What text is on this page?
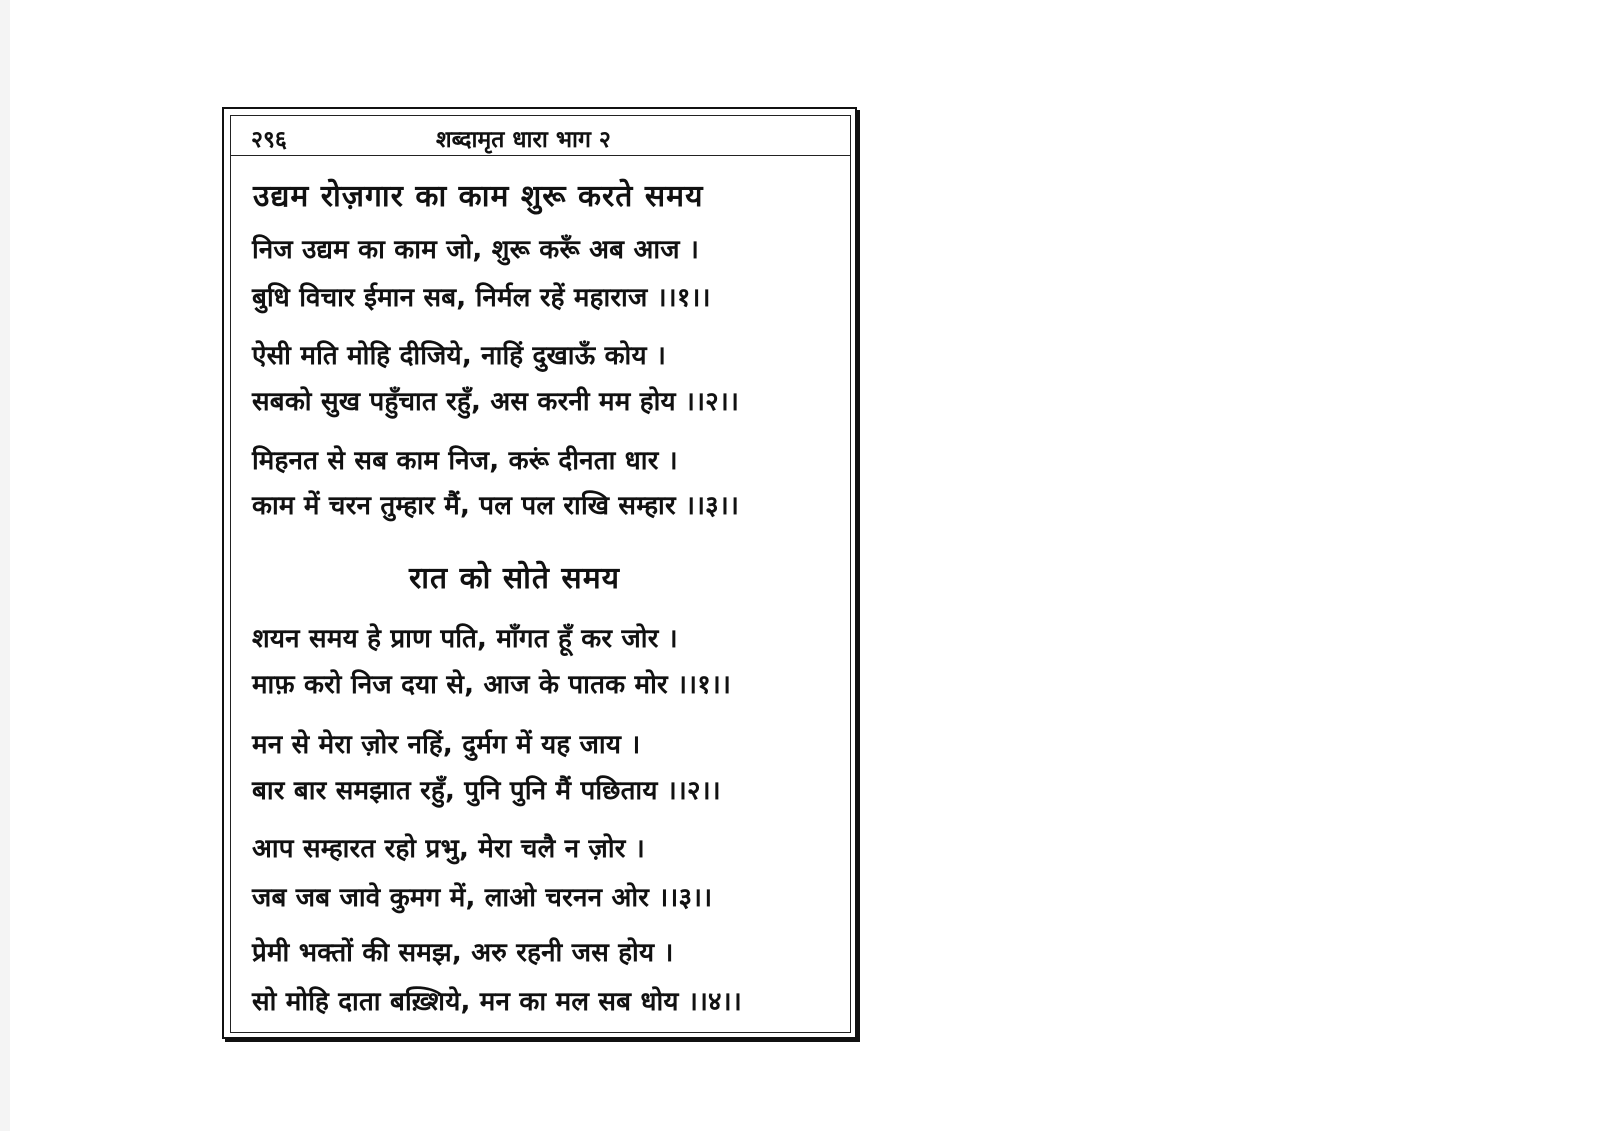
२९६	शब्दामृत धारा भाग २
उद्यम रोज़गार का काम शुरू करते समय
निज उद्यम का काम जो, शुरू करूँ अब आज ।
बुधि विचार ईमान सब, निर्मल रहें महाराज ।।१।।
ऐसी मति मोहि दीजिये, नाहिं दुखाऊँ कोय ।
सबको सुख पहुँचात रहुँ, अस करनी मम होय ।।२।।
मिहनत से सब काम निज, करूं दीनता धार ।
काम में चरन तुम्हार मैं, पल पल राखि सम्हार ।।३।।
रात को सोते समय
शयन समय हे प्राण पति, माँगत हूँ कर जोर ।
माफ़ करो निज दया से, आज के पातक मोर ।।१।।
मन से मेरा ज़ोर नहिं, दुर्मग में यह जाय ।
बार बार समझात रहुँ, पुनि पुनि मैं पछिताय ।।२।।
आप सम्हारत रहो प्रभु, मेरा चलै न ज़ोर ।
जब जब जावे कुमग में, लाओ चरनन ओर ।।३।।
प्रेमी भक्तों की समझ, अरु रहनी जस होय ।
सो मोहि दाता बख़्शिये, मन का मल सब धोय ।।४।।
